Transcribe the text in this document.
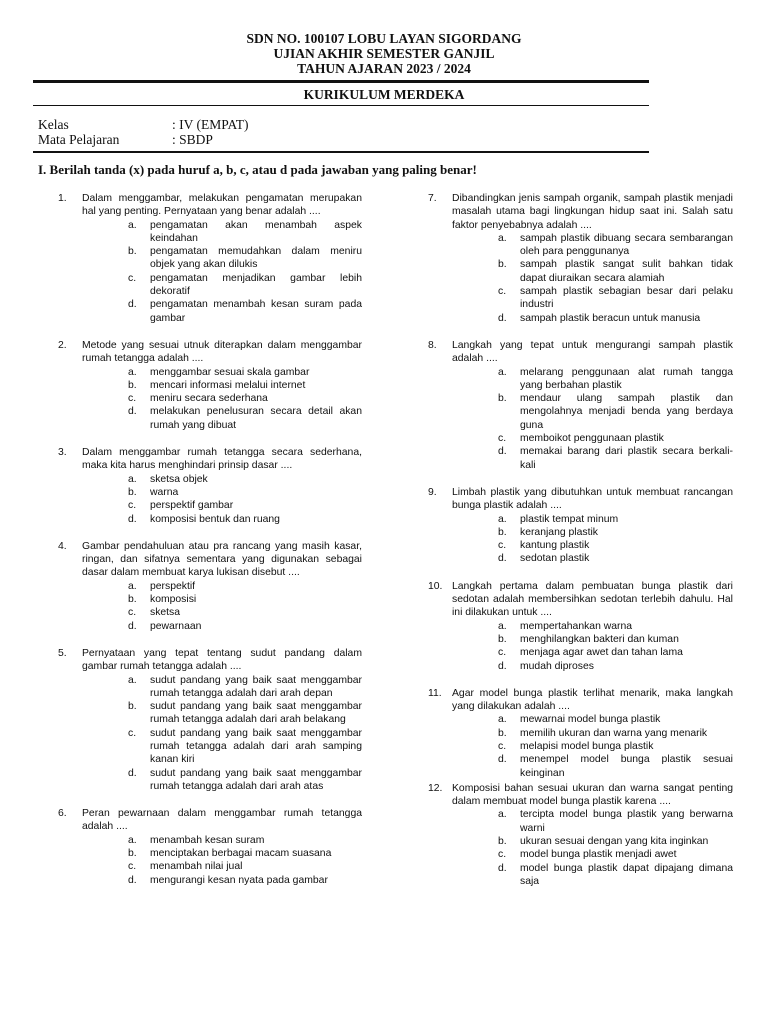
SDN NO. 100107 LOBU LAYAN SIGORDANG
UJIAN AKHIR SEMESTER GANJIL
TAHUN AJARAN 2023 / 2024
KURIKULUM MERDEKA
Kelas	: IV (EMPAT)
Mata Pelajaran	: SBDP
I. Berilah tanda (x) pada huruf a, b, c, atau d pada jawaban yang paling benar!
1. Dalam menggambar, melakukan pengamatan merupakan hal yang penting. Pernyataan yang benar adalah ....
a. pengamatan akan menambah aspek keindahan
b. pengamatan memudahkan dalam meniru objek yang akan dilukis
c. pengamatan menjadikan gambar lebih dekoratif
d. pengamatan menambah kesan suram pada gambar
2. Metode yang sesuai utnuk diterapkan dalam menggambar rumah tetangga adalah ....
a. menggambar sesuai skala gambar
b. mencari informasi melalui internet
c. meniru secara sederhana
d. melakukan penelusuran secara detail akan rumah yang dibuat
3. Dalam menggambar rumah tetangga secara sederhana, maka kita harus menghindari prinsip dasar ....
a. sketsa objek
b. warna
c. perspektif gambar
d. komposisi bentuk dan ruang
4. Gambar pendahuluan atau pra rancang yang masih kasar, ringan, dan sifatnya sementara yang digunakan sebagai dasar dalam membuat karya lukisan disebut ....
a. perspektif
b. komposisi
c. sketsa
d. pewarnaan
5. Pernyataan yang tepat tentang sudut pandang dalam gambar rumah tetangga adalah ....
a. sudut pandang yang baik saat menggambar rumah tetangga adalah dari arah depan
b. sudut pandang yang baik saat menggambar rumah tetangga adalah dari arah belakang
c. sudut pandang yang baik saat menggambar rumah tetangga adalah dari arah samping kanan kiri
d. sudut pandang yang baik saat menggambar rumah tetangga adalah dari arah atas
6. Peran pewarnaan dalam menggambar rumah tetangga adalah ....
a. menambah kesan suram
b. menciptakan berbagai macam suasana
c. menambah nilai jual
d. mengurangi kesan nyata pada gambar
7. Dibandingkan jenis sampah organik, sampah plastik menjadi masalah utama bagi lingkungan hidup saat ini. Salah satu faktor penyebabnya adalah ....
a. sampah plastik dibuang secara sembarangan oleh para penggunanya
b. sampah plastik sangat sulit bahkan tidak dapat diuraikan secara alamiah
c. sampah plastik sebagian besar dari pelaku industri
d. sampah plastik beracun untuk manusia
8. Langkah yang tepat untuk mengurangi sampah plastik adalah ....
a. melarang penggunaan alat rumah tangga yang berbahan plastik
b. mendaur ulang sampah plastik dan mengolahnya menjadi benda yang berdaya guna
c. memboikot penggunaan plastik
d. memakai barang dari plastik secara berkali-kali
9. Limbah plastik yang dibutuhkan untuk membuat rancangan bunga plastik adalah ....
a. plastik tempat minum
b. keranjang plastik
c. kantung plastik
d. sedotan plastik
10. Langkah pertama dalam pembuatan bunga plastik dari sedotan adalah membersihkan sedotan terlebih dahulu. Hal ini dilakukan untuk ....
a. mempertahankan warna
b. menghilangkan bakteri dan kuman
c. menjaga agar awet dan tahan lama
d. mudah diproses
11. Agar model bunga plastik terlihat menarik, maka langkah yang dilakukan adalah ....
a. mewarnai model bunga plastik
b. memilih ukuran dan warna yang menarik
c. melapisi model bunga plastik
d. menempel model bunga plastik sesuai keinginan
12. Komposisi bahan sesuai ukuran dan warna sangat penting dalam membuat model bunga plastik karena ....
a. tercipta model bunga plastik yang berwarna warni
b. ukuran sesuai dengan yang kita inginkan
c. model bunga plastik menjadi awet
d. model bunga plastik dapat dipajang dimana saja
